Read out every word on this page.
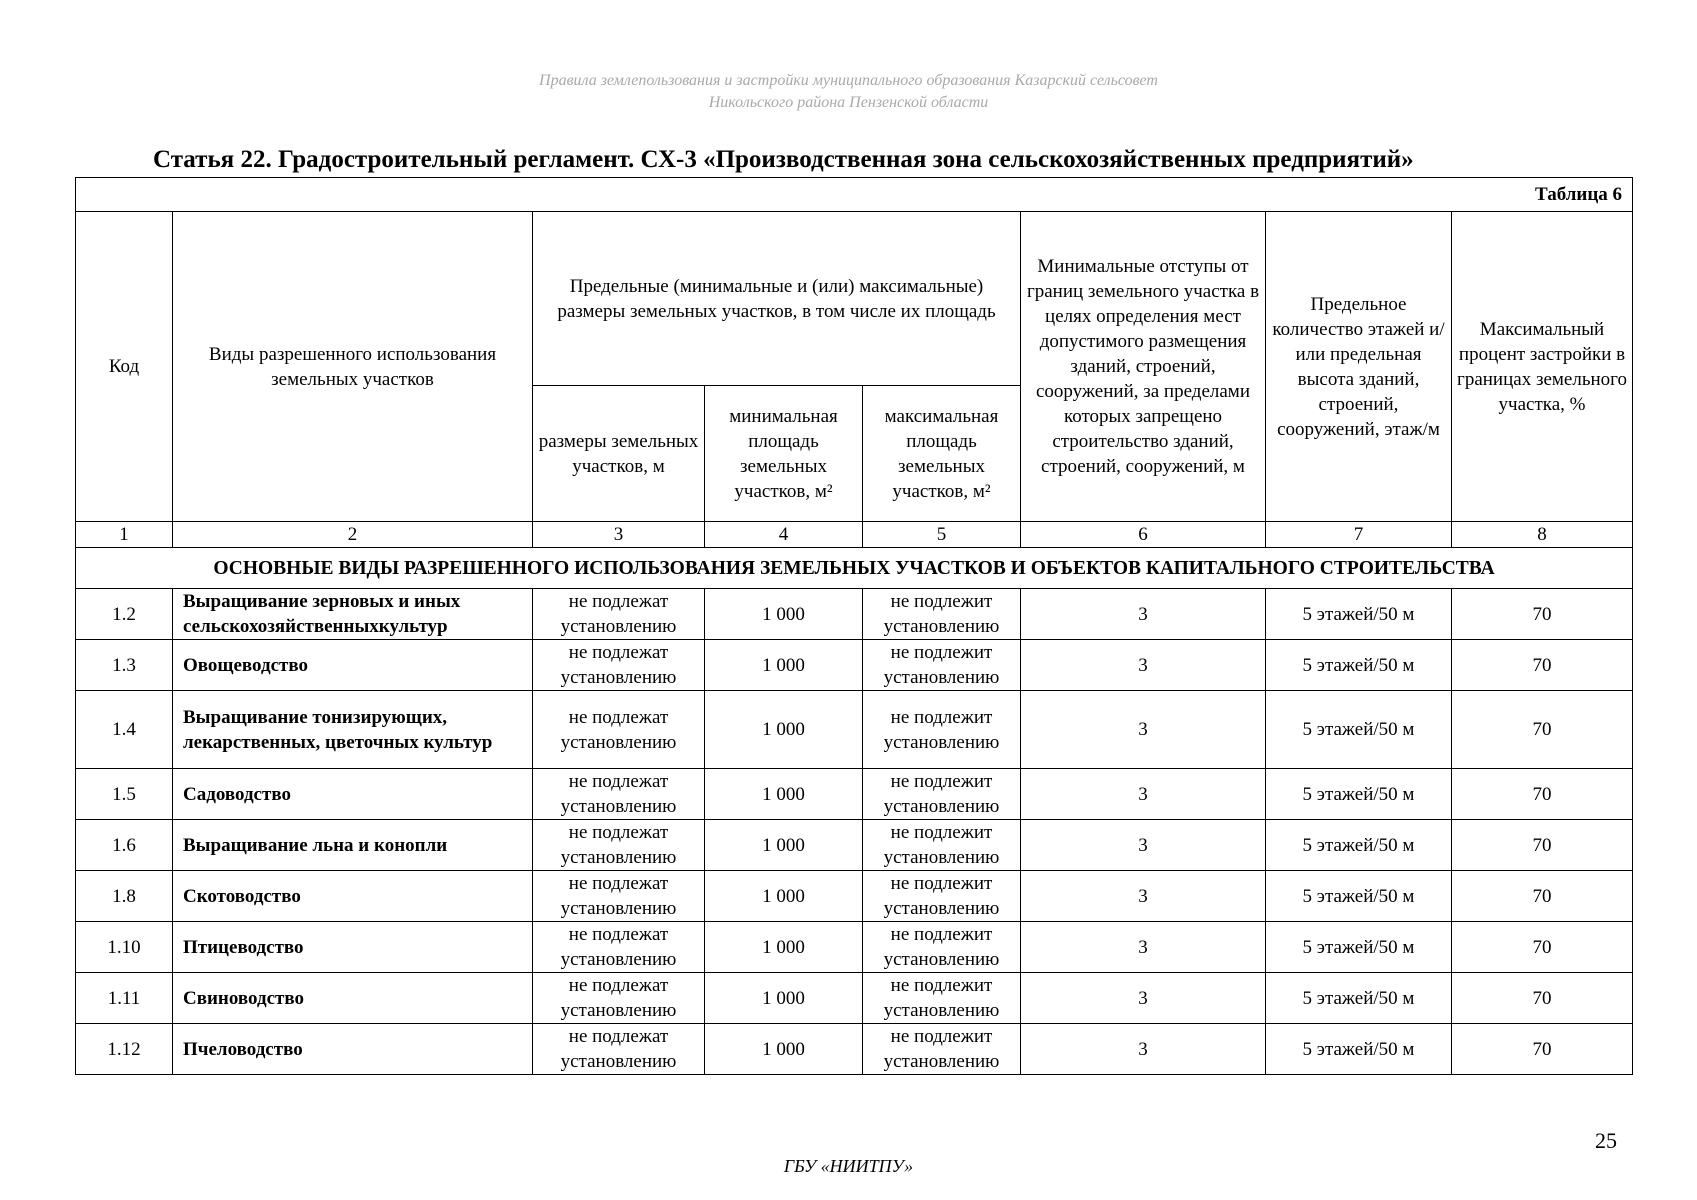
Правила землепользования и застройки муниципального образования Казарский сельсовет
Никольского района Пензенской области
Статья 22. Градостроительный регламент. СХ-3 «Производственная зона сельскохозяйственных предприятий»
Таблица 6							
Код	Виды разрешенного использования земельных участков	Предельные (минимальные и (или) максимальные) размеры земельных участков, в том числе их площадь			Минимальные отступы от границ земельного участка в целях определения мест допустимого размещения зданий, строений, сооружений, за пределами которых запрещено строительство зданий, строений, сооружений, м	Предельное количество этажей и/или предельная высота зданий, строений, сооружений, этаж/м	Максимальный процент застройки в границах земельного участка, %
		размеры земельных участков, м	минимальная площадь земельных участков, м²	максимальная площадь земельных участков, м²			
1	2	3	4	5	6	7	8
ОСНОВНЫЕ ВИДЫ РАЗРЕШЕННОГО ИСПОЛЬЗОВАНИЯ ЗЕМЕЛЬНЫХ УЧАСТКОВ И ОБЪЕКТОВ КАПИТАЛЬНОГО СТРОИТЕЛЬСТВА							
1.2	Выращивание зерновых и иных сельскохозяйственныхкультур	не подлежат установлению	1 000	не подлежит установлению	3	5 этажей/50 м	70
1.3	Овощеводство	не подлежат установлению	1 000	не подлежит установлению	3	5 этажей/50 м	70
1.4	Выращивание тонизирующих, лекарственных, цветочных культур	не подлежат установлению	1 000	не подлежит установлению	3	5 этажей/50 м	70
1.5	Садоводство	не подлежат установлению	1 000	не подлежит установлению	3	5 этажей/50 м	70
1.6	Выращивание льна и конопли	не подлежат установлению	1 000	не подлежит установлению	3	5 этажей/50 м	70
1.8	Скотоводство	не подлежат установлению	1 000	не подлежит установлению	3	5 этажей/50 м	70
1.10	Птицеводство	не подлежат установлению	1 000	не подлежит установлению	3	5 этажей/50 м	70
1.11	Свиноводство	не подлежат установлению	1 000	не подлежит установлению	3	5 этажей/50 м	70
1.12	Пчеловодство	не подлежат установлению	1 000	не подлежит установлению	3	5 этажей/50 м	70
25
ГБУ «НИИТПУ»
